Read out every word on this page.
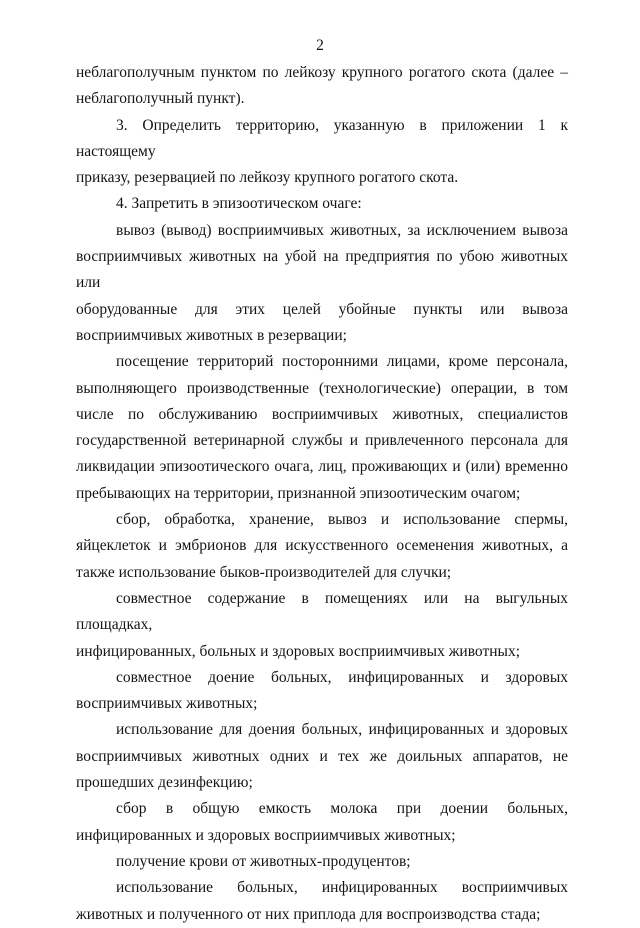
2
неблагополучным пунктом по лейкозу крупного рогатого скота (далее –
неблагополучный пункт).
3. Определить территорию, указанную в приложении 1 к настоящему
приказу, резервацией по лейкозу крупного рогатого скота.
4. Запретить в эпизоотическом очаге:
вывоз (вывод) восприимчивых животных, за исключением вывоза
восприимчивых животных на убой на предприятия по убою животных или
оборудованные для этих целей убойные пункты или вывоза
восприимчивых животных в резервации;
посещение территорий посторонними лицами, кроме персонала,
выполняющего производственные (технологические) операции, в том
числе по обслуживанию восприимчивых животных, специалистов
государственной ветеринарной службы и привлеченного персонала для
ликвидации эпизоотического очага, лиц, проживающих и (или) временно
пребывающих на территории, признанной эпизоотическим очагом;
сбор, обработка, хранение, вывоз и использование спермы,
яйцеклеток и эмбрионов для искусственного осеменения животных, а
также использование быков-производителей для случки;
совместное содержание в помещениях или на выгульных площадках,
инфицированных, больных и здоровых восприимчивых животных;
совместное доение больных, инфицированных и здоровых
восприимчивых животных;
использование для доения больных, инфицированных и здоровых
восприимчивых животных одних и тех же доильных аппаратов, не
прошедших дезинфекцию;
сбор в общую емкость молока при доении больных,
инфицированных и здоровых восприимчивых животных;
получение крови от животных-продуцентов;
использование больных, инфицированных восприимчивых
животных и полученного от них приплода для воспроизводства стада;
